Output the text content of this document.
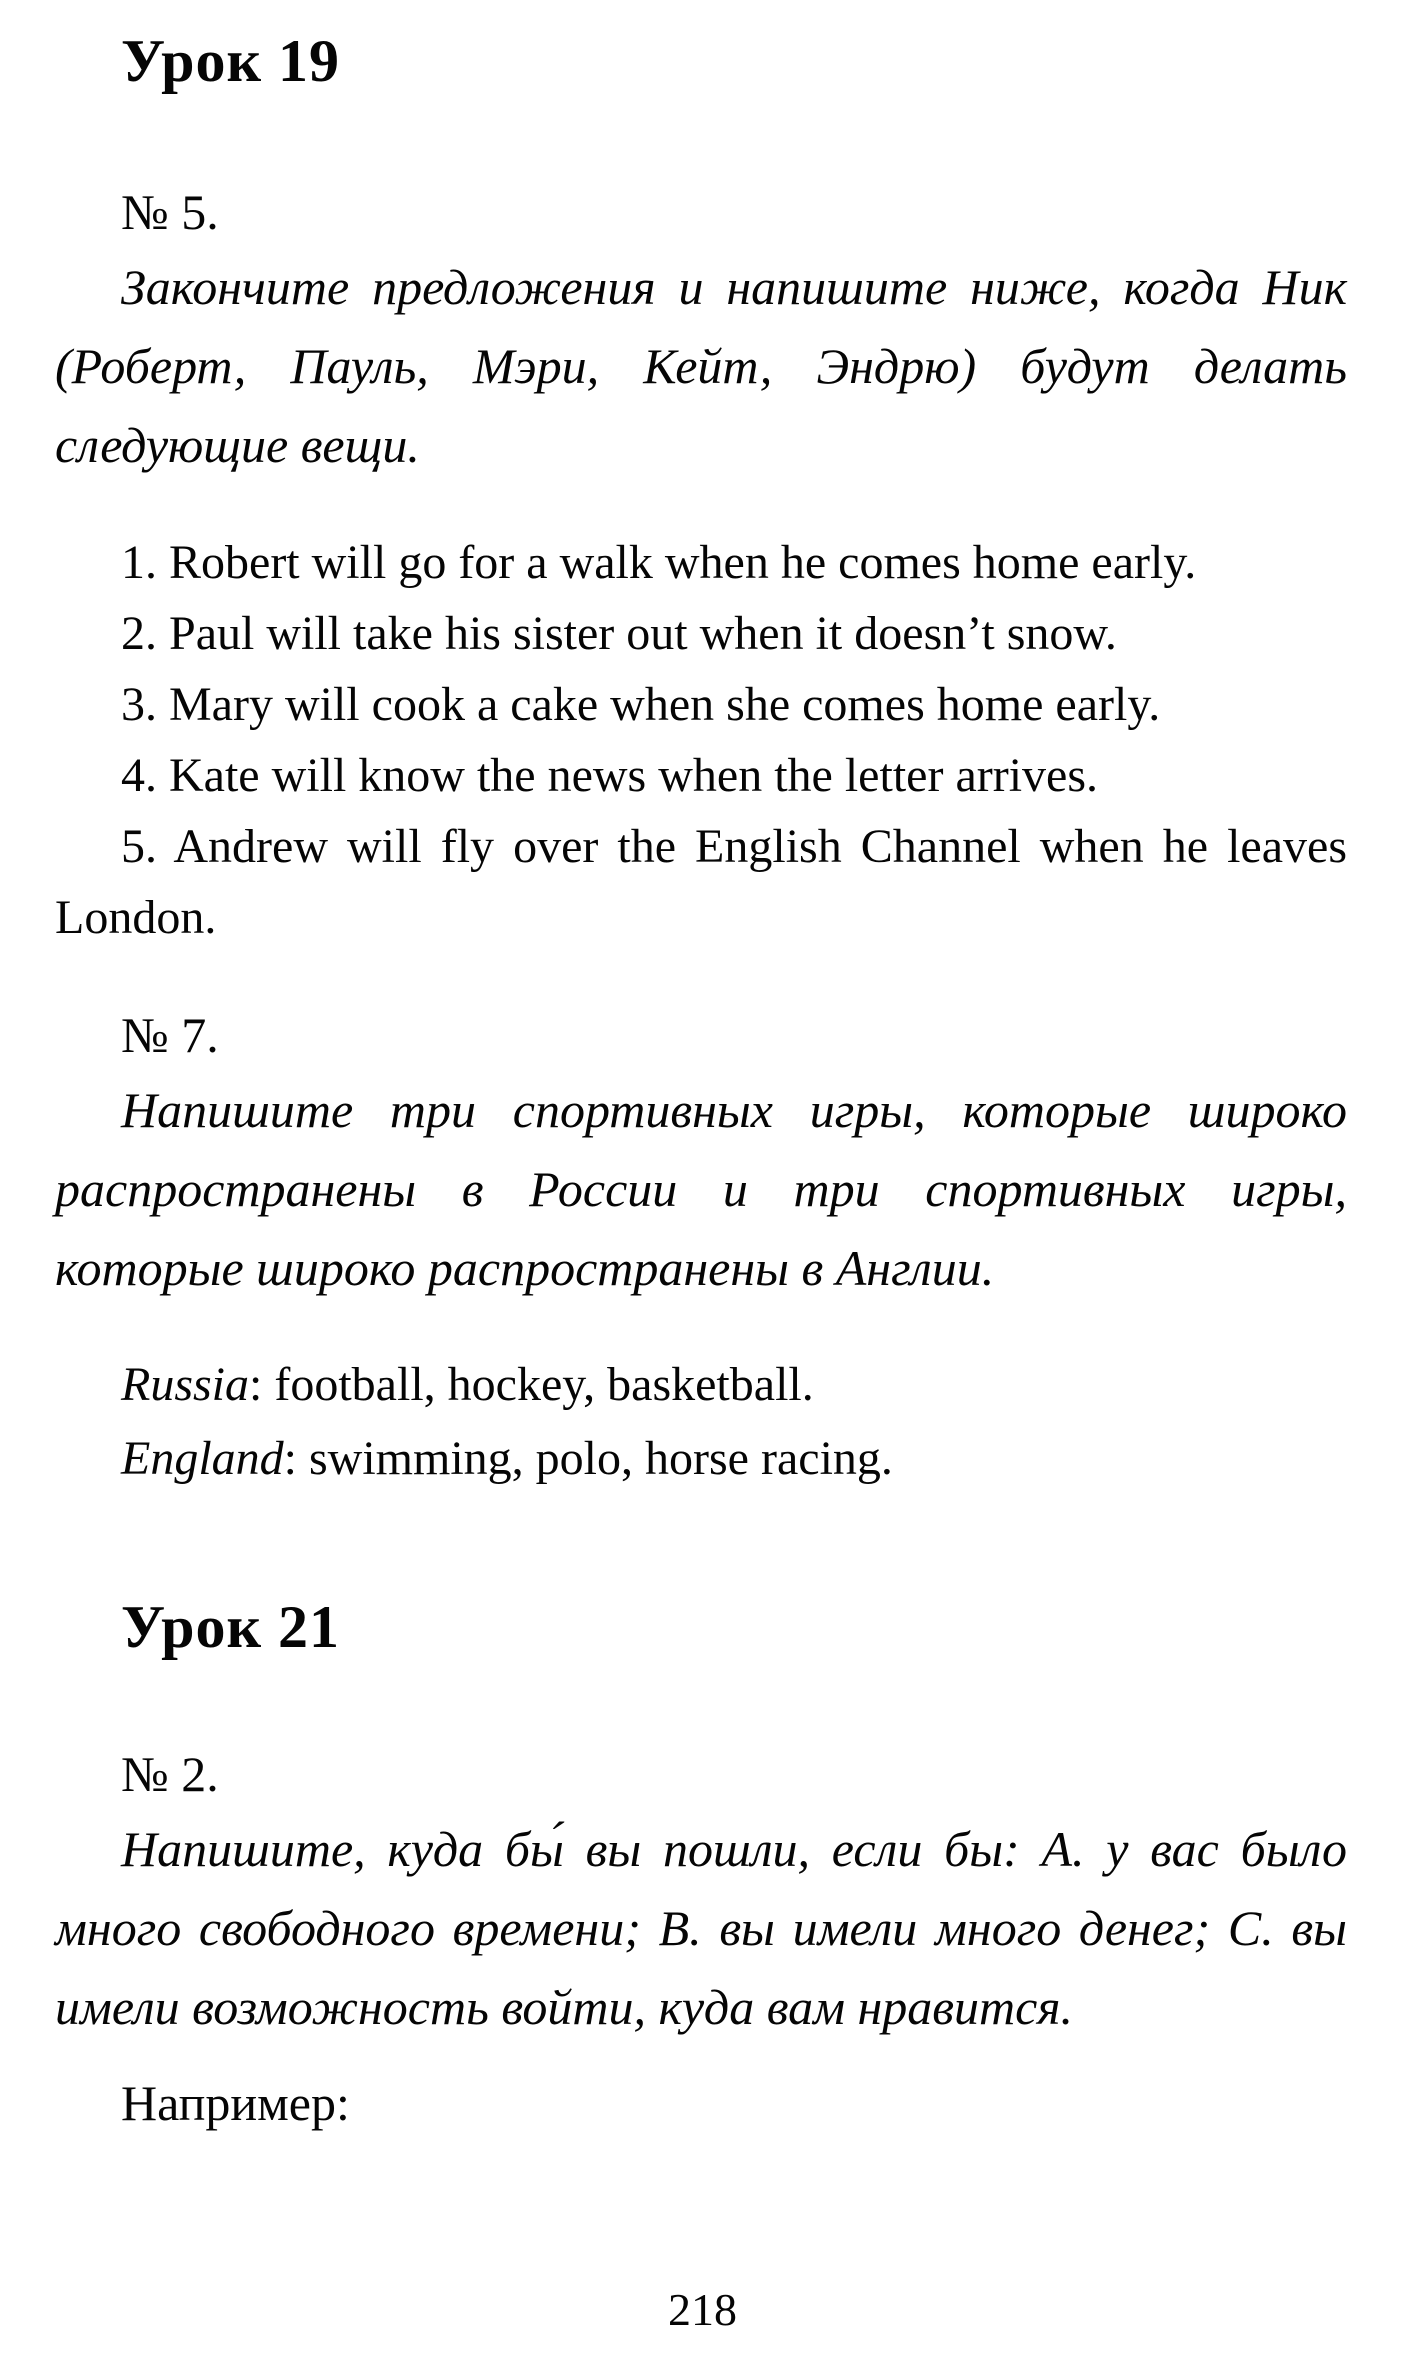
Урок 19
№ 5.

Закончите предложения и напишите ниже, когда Ник (Роберт, Пауль, Мэри, Кейт, Эндрю) будут делать следующие вещи.

1. Robert will go for a walk when he comes home early.

2. Paul will take his sister out when it doesn’t snow.

3. Mary will cook a cake when she comes home early.

4. Kate will know the news when the letter arrives.

5. Andrew will fly over the English Channel when he leaves London.

№ 7.

Напишите три спортивных игры, которые широко распространены в России и три спортивных игры, которые широко распространены в Англии.

Russia: football, hockey, basketball.

England: swimming, polo, horse racing.

Урок 21
№ 2.

Напишите, куда бы́ вы пошли, если бы: А. у вас было много свободного времени; В. вы имели много денег; С. вы имели возможность войти, куда вам нравится.

Например:
218
